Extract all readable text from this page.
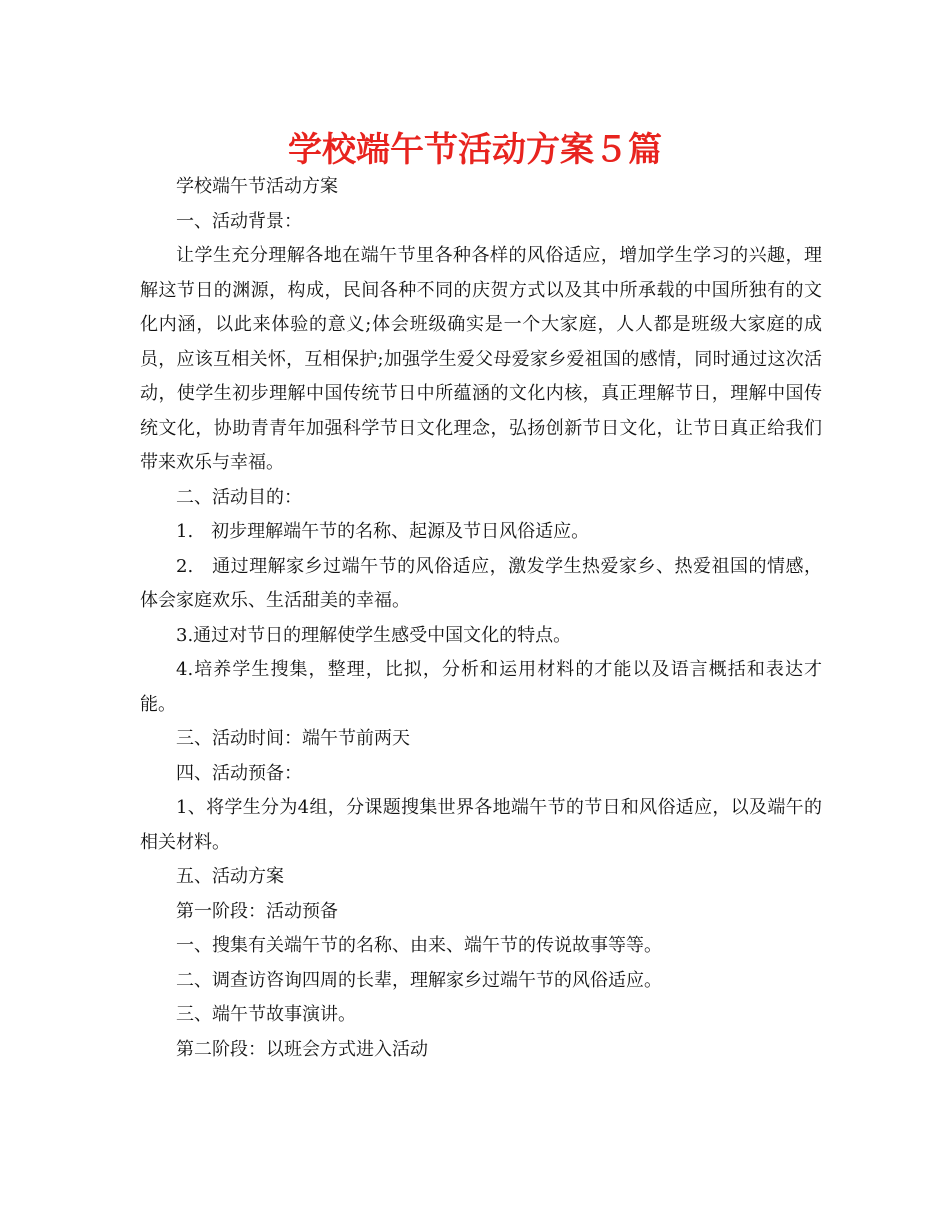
学校端午节活动方案５篇

学校端午节活动方案

一、活动背景：

让学生充分理解各地在端午节里各种各样的风俗适应，增加学生学习的兴趣，理解这节日的渊源，构成，民间各种不同的庆贺方式以及其中所承载的中国所独有的文化内涵，以此来体验的意义;体会班级确实是一个大家庭，人人都是班级大家庭的成员，应该互相关怀，互相保护;加强学生爱父母爱家乡爱祖国的感情，同时通过这次活动，使学生初步理解中国传统节日中所蕴涵的文化内核，真正理解节日，理解中国传统文化，协助青青年加强科学节日文化理念，弘扬创新节日文化，让节日真正给我们带来欢乐与幸福。

二、活动目的：

1.　初步理解端午节的名称、起源及节日风俗适应。

2.　通过理解家乡过端午节的风俗适应，激发学生热爱家乡、热爱祖国的情感，体会家庭欢乐、生活甜美的幸福。

3.通过对节日的理解使学生感受中国文化的特点。

4.培养学生搜集，整理，比拟，分析和运用材料的才能以及语言概括和表达才能。

三、活动时间：端午节前两天

四、活动预备：

1、将学生分为4组，分课题搜集世界各地端午节的节日和风俗适应，以及端午的相关材料。

五、活动方案

第一阶段：活动预备

一、搜集有关端午节的名称、由来、端午节的传说故事等等。

二、调查访咨询四周的长辈，理解家乡过端午节的风俗适应。

三、端午节故事演讲。

第二阶段：以班会方式进入活动
